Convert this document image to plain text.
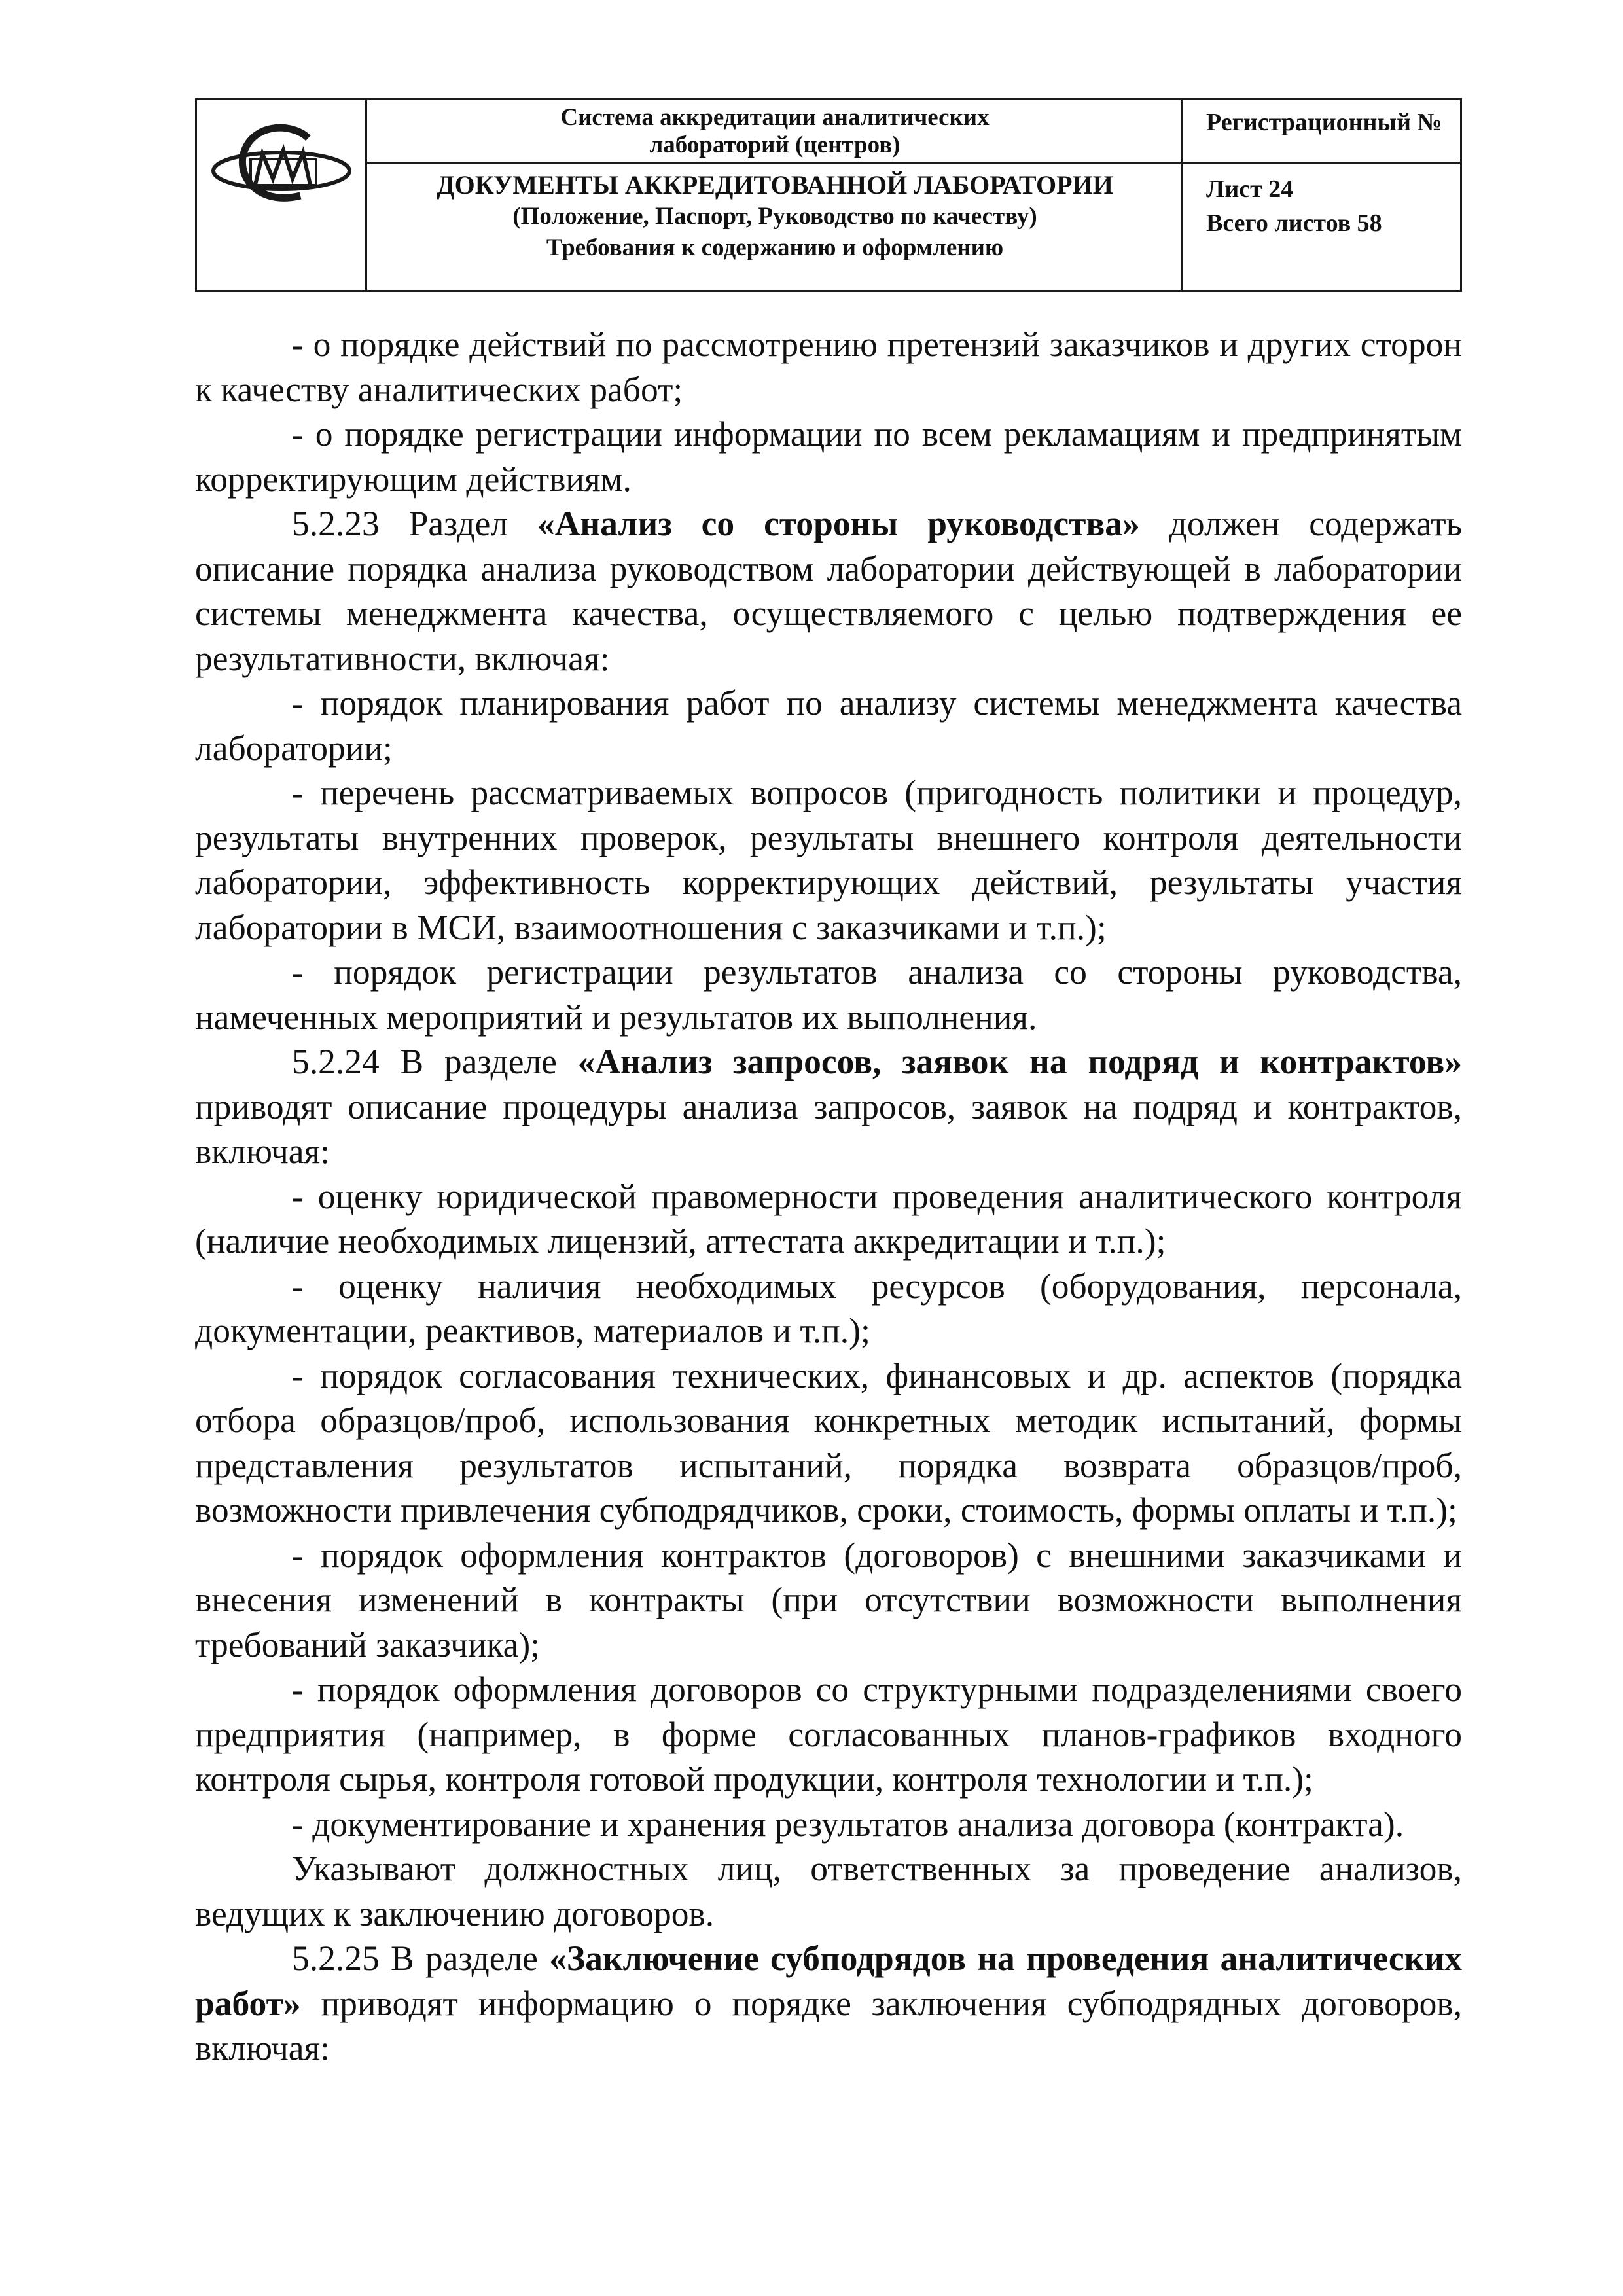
Система аккредитации аналитических
лабораторий (центров)
ДОКУМЕНТЫ АККРЕДИТОВАННОЙ ЛАБОРАТОРИИ
(Положение, Паспорт, Руководство по качеству)
Требования к содержанию и оформлению
Регистрационный №
Лист 24
Всего листов 58

- о порядке действий по рассмотрению претензий заказчиков и других сторон к качеству аналитических работ;

- о порядке регистрации информации по всем рекламациям и предпринятым корректирующим действиям.

5.2.23 Раздел «Анализ со стороны руководства» должен содержать описание порядка анализа руководством лаборатории действующей в лаборатории системы менеджмента качества, осуществляемого с целью подтверждения ее результативности, включая:

- порядок планирования работ по анализу системы менеджмента качества лаборатории;

- перечень рассматриваемых вопросов (пригодность политики и процедур, результаты внутренних проверок, результаты внешнего контроля деятельности лаборатории, эффективность корректирующих действий, результаты участия лаборатории в МСИ, взаимоотношения с заказчиками и т.п.);

- порядок регистрации результатов анализа со стороны руководства, намеченных мероприятий и результатов их выполнения.

5.2.24 В разделе «Анализ запросов, заявок на подряд и контрактов» приводят описание процедуры анализа запросов, заявок на подряд и контрактов, включая:

- оценку юридической правомерности проведения аналитического контроля (наличие необходимых лицензий, аттестата аккредитации и т.п.);

- оценку наличия необходимых ресурсов (оборудования, персонала, документации, реактивов, материалов и т.п.);

- порядок согласования технических, финансовых и др. аспектов (порядка отбора образцов/проб, использования конкретных методик испытаний, формы представления результатов испытаний, порядка возврата образцов/проб, возможности привлечения субподрядчиков, сроки, стоимость, формы оплаты и т.п.);

- порядок оформления контрактов (договоров) с внешними заказчиками и внесения изменений в контракты (при отсутствии возможности выполнения требований заказчика);

- порядок оформления договоров со структурными подразделениями своего предприятия (например, в форме согласованных планов-графиков входного контроля сырья, контроля готовой продукции, контроля технологии и т.п.);

- документирование и хранения результатов анализа договора (контракта).

Указывают должностных лиц, ответственных за проведение анализов, ведущих к заключению договоров.

5.2.25 В разделе «Заключение субподрядов на проведения аналитических работ» приводят информацию о порядке заключения субподрядных договоров, включая:
